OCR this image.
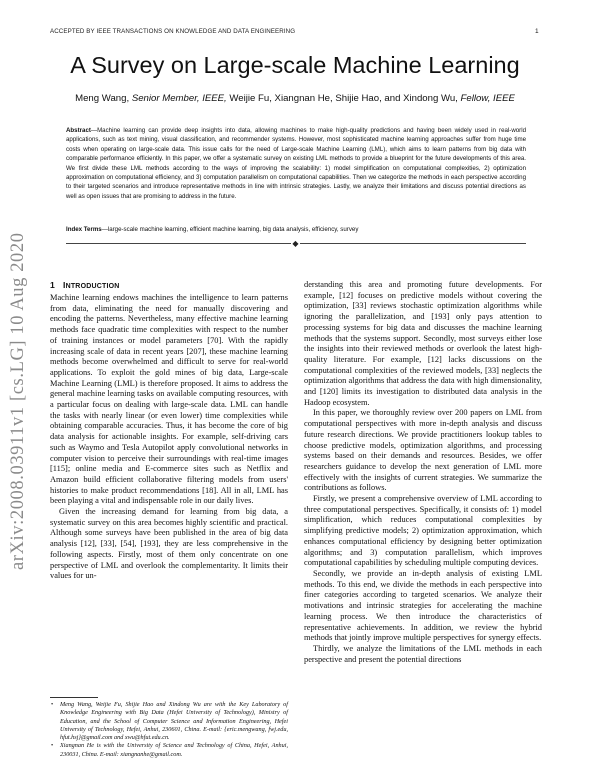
ACCEPTED BY IEEE TRANSACTIONS ON KNOWLEDGE AND DATA ENGINEERING	1
arXiv:2008.03911v1 [cs.LG] 10 Aug 2020
A Survey on Large-scale Machine Learning
Meng Wang, Senior Member, IEEE, Weijie Fu, Xiangnan He, Shijie Hao, and Xindong Wu, Fellow, IEEE
Abstract—Machine learning can provide deep insights into data, allowing machines to make high-quality predictions and having been widely used in real-world applications, such as text mining, visual classification, and recommender systems. However, most sophisticated machine learning approaches suffer from huge time costs when operating on large-scale data. This issue calls for the need of Large-scale Machine Learning (LML), which aims to learn patterns from big data with comparable performance efficiently. In this paper, we offer a systematic survey on existing LML methods to provide a blueprint for the future developments of this area. We first divide these LML methods according to the ways of improving the scalability: 1) model simplification on computational complexities, 2) optimization approximation on computational efficiency, and 3) computation parallelism on computational capabilities. Then we categorize the methods in each perspective according to their targeted scenarios and introduce representative methods in line with intrinsic strategies. Lastly, we analyze their limitations and discuss potential directions as well as open issues that are promising to address in the future.
Index Terms—large-scale machine learning, efficient machine learning, big data analysis, efficiency, survey
◆
1 INTRODUCTION

Machine learning endows machines the intelligence to learn patterns from data, eliminating the need for manually discovering and encoding the patterns. Nevertheless, many effective machine learning methods face quadratic time complexities with respect to the number of training instances or model parameters [70]. With the rapidly increasing scale of data in recent years [207], these machine learning methods become overwhelmed and difficult to serve for real-world applications. To exploit the gold mines of big data, Large-scale Machine Learning (LML) is therefore proposed. It aims to address the general machine learning tasks on available computing resources, with a particular focus on dealing with large-scale data. LML can handle the tasks with nearly linear (or even lower) time complexities while obtaining comparable accuracies. Thus, it has become the core of big data analysis for actionable insights. For example, self-driving cars such as Waymo and Tesla Autopilot apply convolutional networks in computer vision to perceive their surroundings with real-time images [115]; online media and E-commerce sites such as Netflix and Amazon build efficient collaborative filtering models from users' histories to make product recommendations [18]. All in all, LML has been playing a vital and indispensable role in our daily lives.

Given the increasing demand for learning from big data, a systematic survey on this area becomes highly scientific and practical. Although some surveys have been published in the area of big data analysis [12], [33], [54], [193], they are less comprehensive in the following aspects. Firstly, most of them only concentrate on one perspective of LML and overlook the complementarity. It limits their values for un-

• Meng Wang, Weijie Fu, Shijie Hao and Xindong Wu are with the Key Laboratory of Knowledge Engineering with Big Data (Hefei University of Technology), Ministry of Education, and the School of Computer Science and Information Engineering, Hefei University of Technology, Hefei, Anhui, 230601, China. E-mail: {eric.mengwang, fwj.edu, hfut.hsj}@gmail.com and xwu@hfut.edu.cn.
• Xiangnan He is with the University of Science and Technology of China, Hefei, Anhui, 230031, China. E-mail: xiangnanhe@gmail.com.

derstanding this area and promoting future developments. For example, [12] focuses on predictive models without covering the optimization, [33] reviews stochastic optimization algorithms while ignoring the parallelization, and [193] only pays attention to processing systems for big data and discusses the machine learning methods that the systems support. Secondly, most surveys either lose the insights into their reviewed methods or overlook the latest high-quality literature. For example, [12] lacks discussions on the computational complexities of the reviewed models, [33] neglects the optimization algorithms that address the data with high dimensionality, and [120] limits its investigation to distributed data analysis in the Hadoop ecosystem.

In this paper, we thoroughly review over 200 papers on LML from computational perspectives with more in-depth analysis and discuss future research directions. We provide practitioners lookup tables to choose predictive models, optimization algorithms, and processing systems based on their demands and resources. Besides, we offer researchers guidance to develop the next generation of LML more effectively with the insights of current strategies. We summarize the contributions as follows.

Firstly, we present a comprehensive overview of LML according to three computational perspectives. Specifically, it consists of: 1) model simplification, which reduces computational complexities by simplifying predictive models; 2) optimization approximation, which enhances computational efficiency by designing better optimization algorithms; and 3) computation parallelism, which improves computational capabilities by scheduling multiple computing devices.

Secondly, we provide an in-depth analysis of existing LML methods. To this end, we divide the methods in each perspective into finer categories according to targeted scenarios. We analyze their motivations and intrinsic strategies for accelerating the machine learning process. We then introduce the characteristics of representative achievements. In addition, we review the hybrid methods that jointly improve multiple perspectives for synergy effects.

Thirdly, we analyze the limitations of the LML methods in each perspective and present the potential directions
